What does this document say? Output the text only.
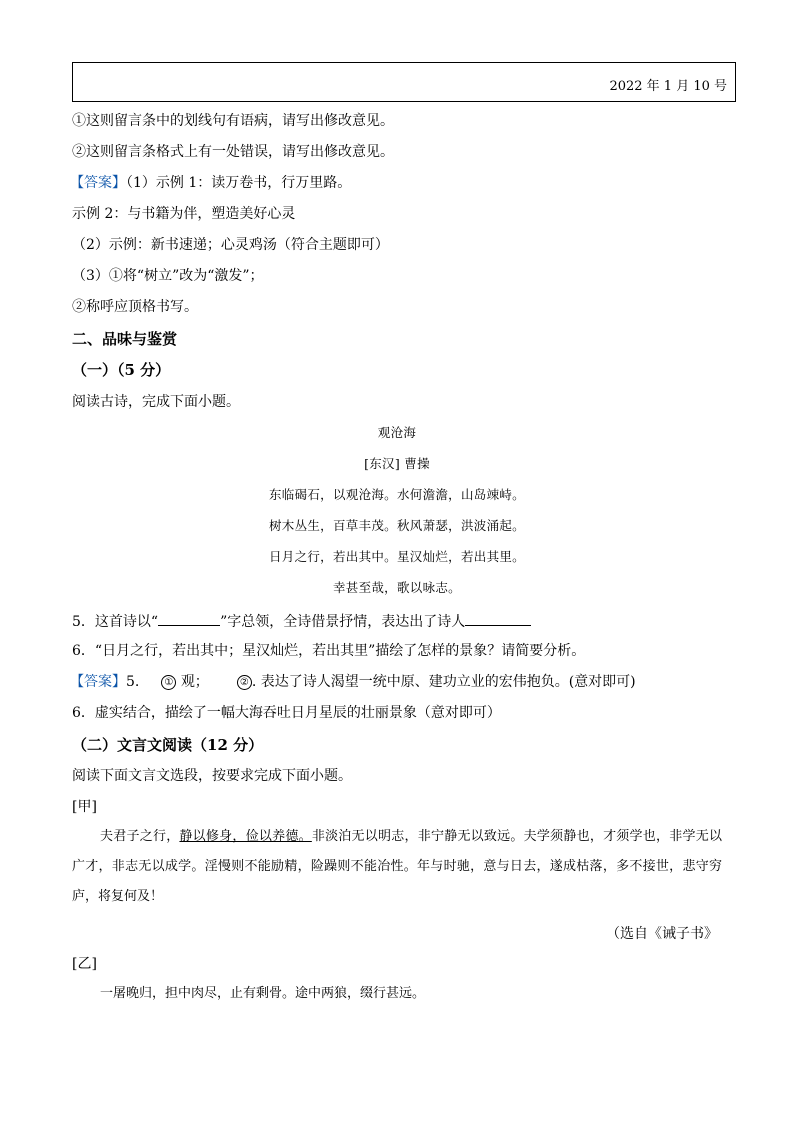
2022 年 1 月 10 号
①这则留言条中的划线句有语病，请写出修改意见。
②这则留言条格式上有一处错误，请写出修改意见。
【答案】（1）示例 1：读万卷书，行万里路。
示例 2：与书籍为伴，塑造美好心灵
（2）示例：新书速递；心灵鸡汤（符合主题即可）
（3）①将“树立”改为“激发”；
②称呼应顶格书写。
二、品味与鉴赏
（一）（5 分）
阅读古诗，完成下面小题。
观沧海
[东汉] 曹操
东临碣石，以观沧海。水何澹澹，山岛竦峙。
树木丛生，百草丰茂。秋风萧瑟，洪波涌起。
日月之行，若出其中。星汉灿烂，若出其里。
幸甚至哉，歌以咏志。
5．这首诗以“	”字总领，全诗借景抒情，表达出了诗人
6．“日月之行，若出其中；星汉灿烂，若出其里”描绘了怎样的景象？请简要分析。
【答案】5.	① 观；	② . 表达了诗人渴望一统中原、建功立业的宏伟抱负。(意对即可)
6．虚实结合，描绘了一幅大海吞吐日月星辰的壮丽景象（意对即可）
（二）文言文阅读（12 分）
阅读下面文言文选段，按要求完成下面小题。
[甲]
夫君子之行，静以修身，俭以养德。非淡泊无以明志，非宁静无以致远。夫学须静也，才须学也，非学无以广才，非志无以成学。淫慢则不能励精，险躁则不能冶性。年与时驰，意与日去，遂成枯落，多不接世，悲守穷庐，将复何及！
（选自《诫子书》
[乙]
一屠晚归，担中肉尽，止有剩骨。途中两狼，缀行甚远。
